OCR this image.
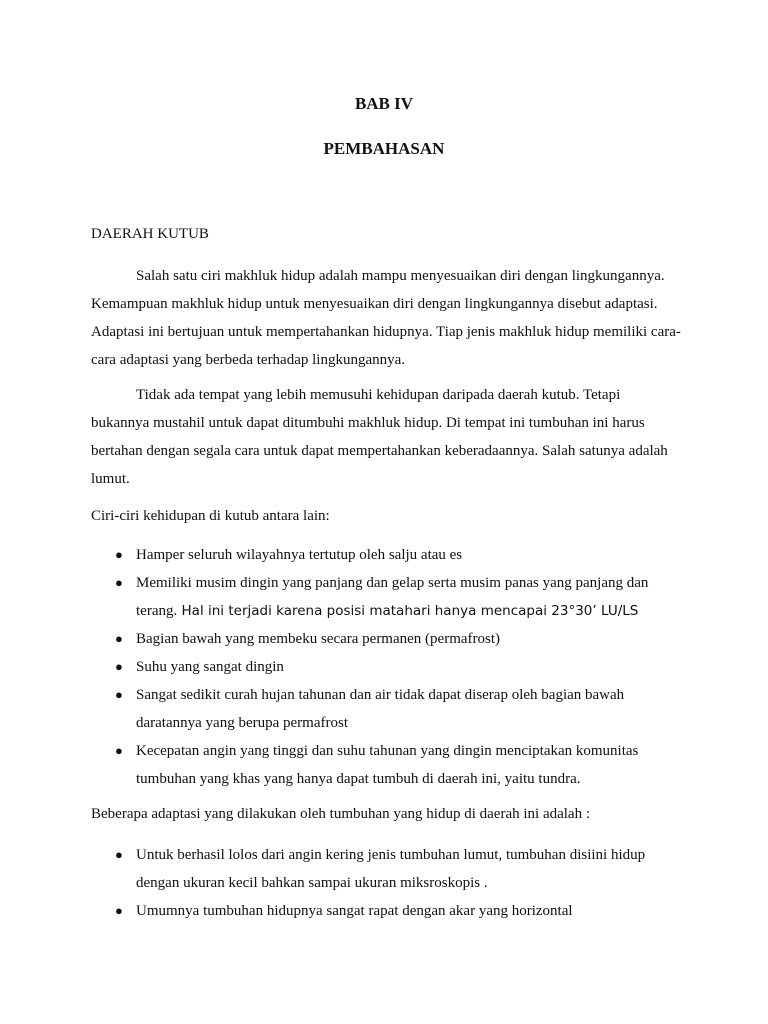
BAB IV
PEMBAHASAN

DAERAH KUTUB

Salah satu ciri makhluk hidup adalah mampu menyesuaikan diri dengan lingkungannya. Kemampuan makhluk hidup untuk menyesuaikan diri dengan lingkungannya disebut adaptasi. Adaptasi ini bertujuan untuk mempertahankan hidupnya. Tiap jenis makhluk hidup memiliki cara-cara adaptasi yang berbeda terhadap lingkungannya.

Tidak ada tempat yang lebih memusuhi kehidupan daripada daerah kutub. Tetapi bukannya mustahil untuk dapat ditumbuhi makhluk hidup. Di tempat ini tumbuhan ini harus bertahan dengan segala cara untuk dapat mempertahankan keberadaannya. Salah satunya adalah lumut.

Ciri-ciri kehidupan di kutub antara lain:

● Hamper seluruh wilayahnya tertutup oleh salju atau es
● Memiliki musim dingin yang panjang dan gelap serta musim panas yang panjang dan terang. Hal ini terjadi karena posisi matahari hanya mencapai 23°30’ LU/LS
● Bagian bawah yang membeku secara permanen (permafrost)
● Suhu yang sangat dingin
● Sangat sedikit curah hujan tahunan dan air tidak dapat diserap oleh bagian bawah daratannya yang berupa permafrost
● Kecepatan angin yang tinggi dan suhu tahunan yang dingin menciptakan komunitas tumbuhan yang khas yang hanya dapat tumbuh di daerah ini, yaitu tundra.

Beberapa adaptasi yang dilakukan oleh tumbuhan yang hidup di daerah ini adalah :

● Untuk berhasil lolos dari angin kering jenis tumbuhan lumut, tumbuhan disiini hidup dengan ukuran kecil bahkan sampai ukuran miksroskopis .
● Umumnya tumbuhan hidupnya sangat rapat dengan akar yang horizontal
